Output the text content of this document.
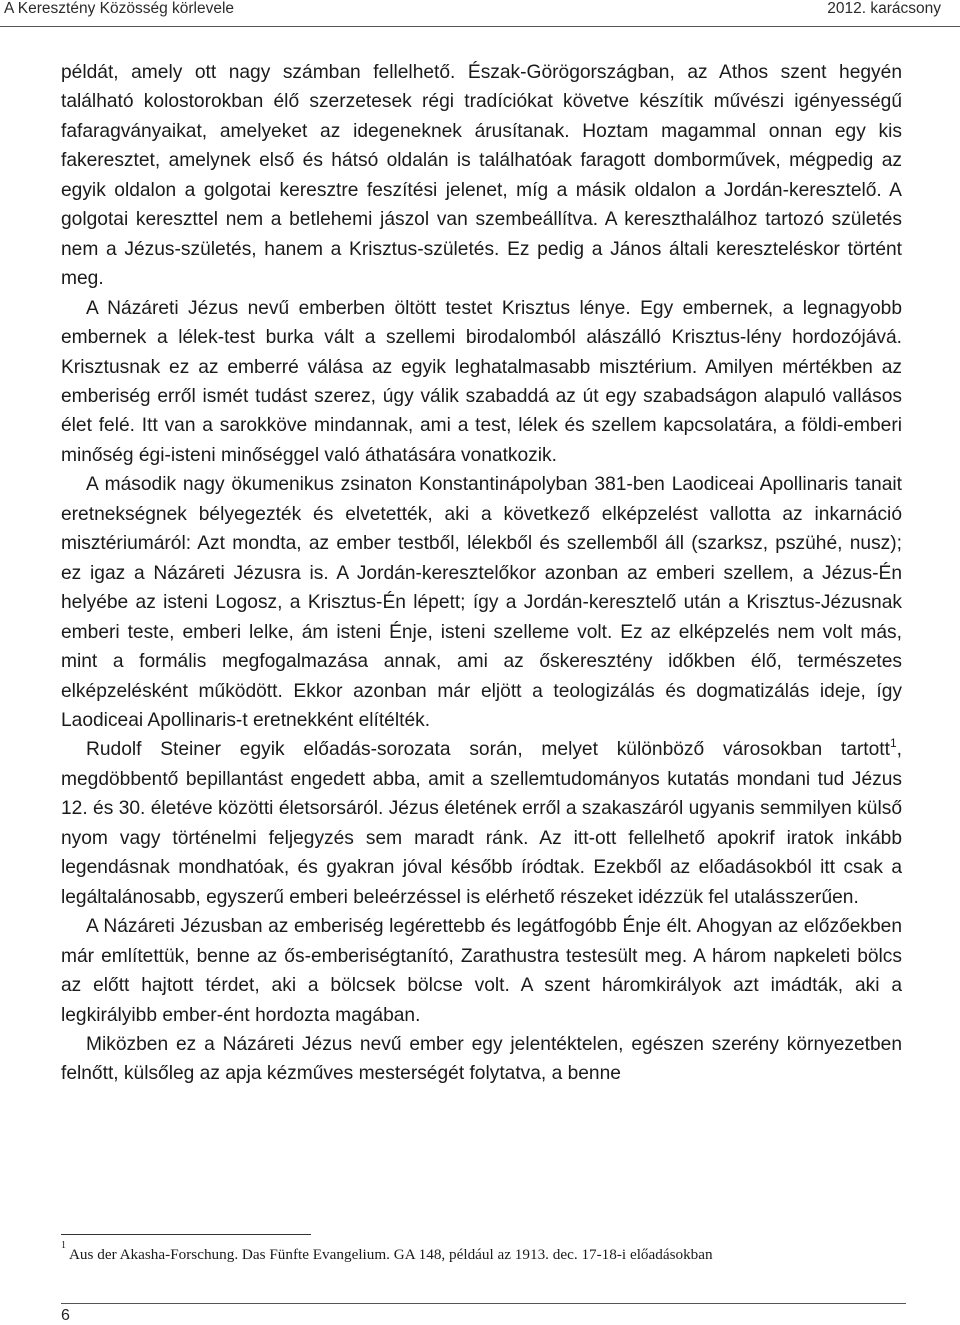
A Keresztény Közösség körlevele	2012. karácsony

példát, amely ott nagy számban fellelhető. Észak-Görögországban, az Athos szent hegyén található kolostorokban élő szerzetesek régi tradíciókat követve készítik művészi igényességű fafaragványaikat, amelyeket az idegeneknek árusítanak. Hoztam magammal onnan egy kis fakeresztet, amelynek első és hátsó oldalán is találhatóak faragott domborművek, mégpedig az egyik oldalon a golgotai keresztre feszítési jelenet, míg a másik oldalon a Jordán-keresztelő. A golgotai kereszttel nem a betlehemi jászol van szembeállítva. A kereszthalálhoz tartozó születés nem a Jézus-születés, hanem a Krisztus-születés. Ez pedig a János általi kereszteléskor történt meg.

A Názáreti Jézus nevű emberben öltött testet Krisztus lénye. Egy embernek, a legnagyobb embernek a lélek-test burka vált a szellemi birodalomból alászálló Krisztus-lény hordozójává. Krisztusnak ez az emberré válása az egyik leghatalmasabb misztérium. Amilyen mértékben az emberiség erről ismét tudást szerez, úgy válik szabaddá az út egy szabadságon alapuló vallásos élet felé. Itt van a sarokköve mindannak, ami a test, lélek és szellem kapcsolatára, a földi-emberi minőség égi-isteni minőséggel való áthatására vonatkozik.

A második nagy ökumenikus zsinaton Konstantinápolyban 381-ben Laodiceai Apollinaris tanait eretnekségnek bélyegezték és elvetették, aki a következő elképzelést vallotta az inkarnáció misztériumáról: Azt mondta, az ember testből, lélekből és szellemből áll (szarksz, pszühé, nusz); ez igaz a Názáreti Jézusra is. A Jordán-keresztelőkor azonban az emberi szellem, a Jézus-Én helyébe az isteni Logosz, a Krisztus-Én lépett; így a Jordán-keresztelő után a Krisztus-Jézusnak emberi teste, emberi lelke, ám isteni Énje, isteni szelleme volt. Ez az elképzelés nem volt más, mint a formális megfogalmazása annak, ami az őskeresztény időkben élő, természetes elképzelésként működött. Ekkor azonban már eljött a teologizálás és dogmatizálás ideje, így Laodiceai Apollinaris-t eretnekként elítélték.

Rudolf Steiner egyik előadás-sorozata során, melyet különböző városokban tartott$^1$, megdöbbentő bepillantást engedett abba, amit a szellemtudományos kutatás mondani tud Jézus 12. és 30. életéve közötti életsorsáról. Jézus életének erről a szakaszáról ugyanis semmilyen külső nyom vagy történelmi feljegyzés sem maradt ránk. Az itt-ott fellelhető apokrif iratok inkább legendásnak mondhatóak, és gyakran jóval később íródtak. Ezekből az előadásokból itt csak a legáltalánosabb, egyszerű emberi beleérzéssel is elérhető részeket idézzük fel utalásszerűen.

A Názáreti Jézusban az emberiség legérettebb és legátfogóbb Énje élt. Ahogyan az előzőekben már említettük, benne az ős-emberiségtanító, Zarathustra testesült meg. A három napkeleti bölcs az előtt hajtott térdet, aki a bölcsek bölcse volt. A szent háromkirályok azt imádták, aki a legkirályibb ember-ént hordozta magában.

Miközben ez a Názáreti Jézus nevű ember egy jelentéktelen, egészen szerény környezetben felnőtt, külsőleg az apja kézműves mesterségét folytatva, a benne

$^1$ Aus der Akasha-Forschung. Das Fünfte Evangelium. GA 148, például az 1913. dec. 17-18-i előadásokban
6
